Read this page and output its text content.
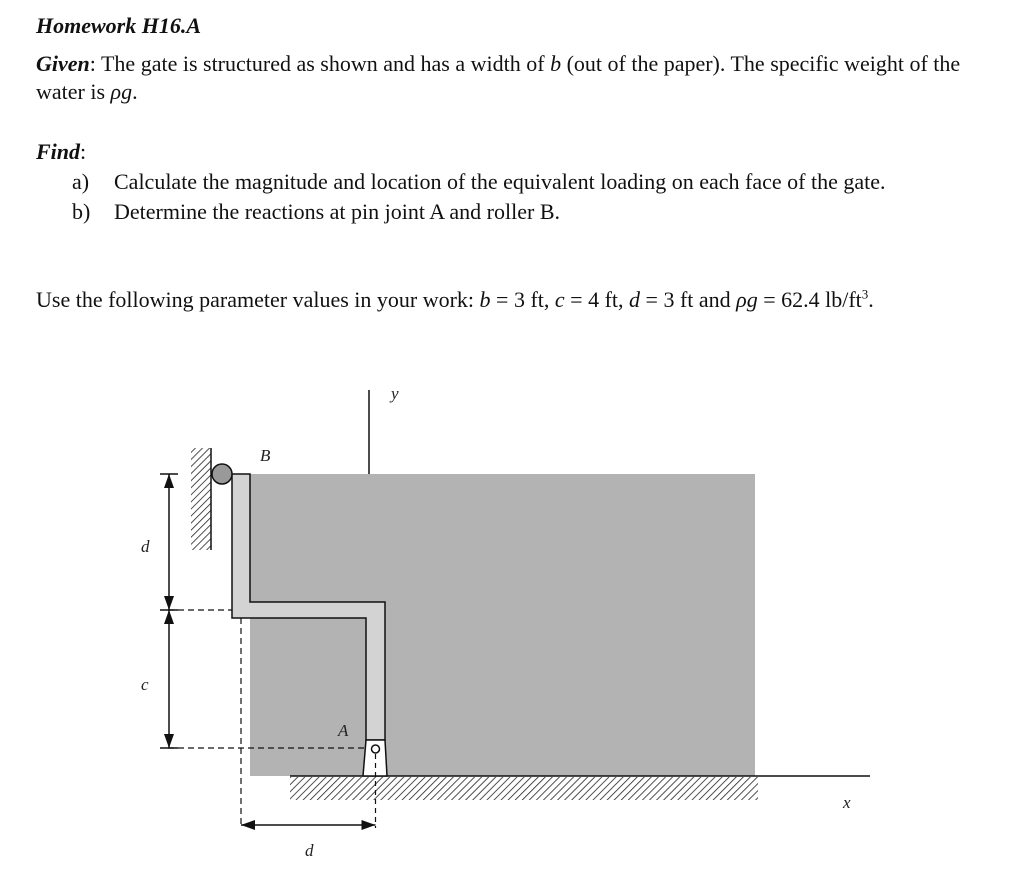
Homework H16.A
Given: The gate is structured as shown and has a width of b (out of the paper). The specific weight of the water is ρg.
Find:
a) Calculate the magnitude and location of the equivalent loading on each face of the gate.
b) Determine the reactions at pin joint A and roller B.
Use the following parameter values in your work: b = 3 ft, c = 4 ft, d = 3 ft and ρg = 62.4 $lb/ft^3$.
y
x
B
A
d
c
d
